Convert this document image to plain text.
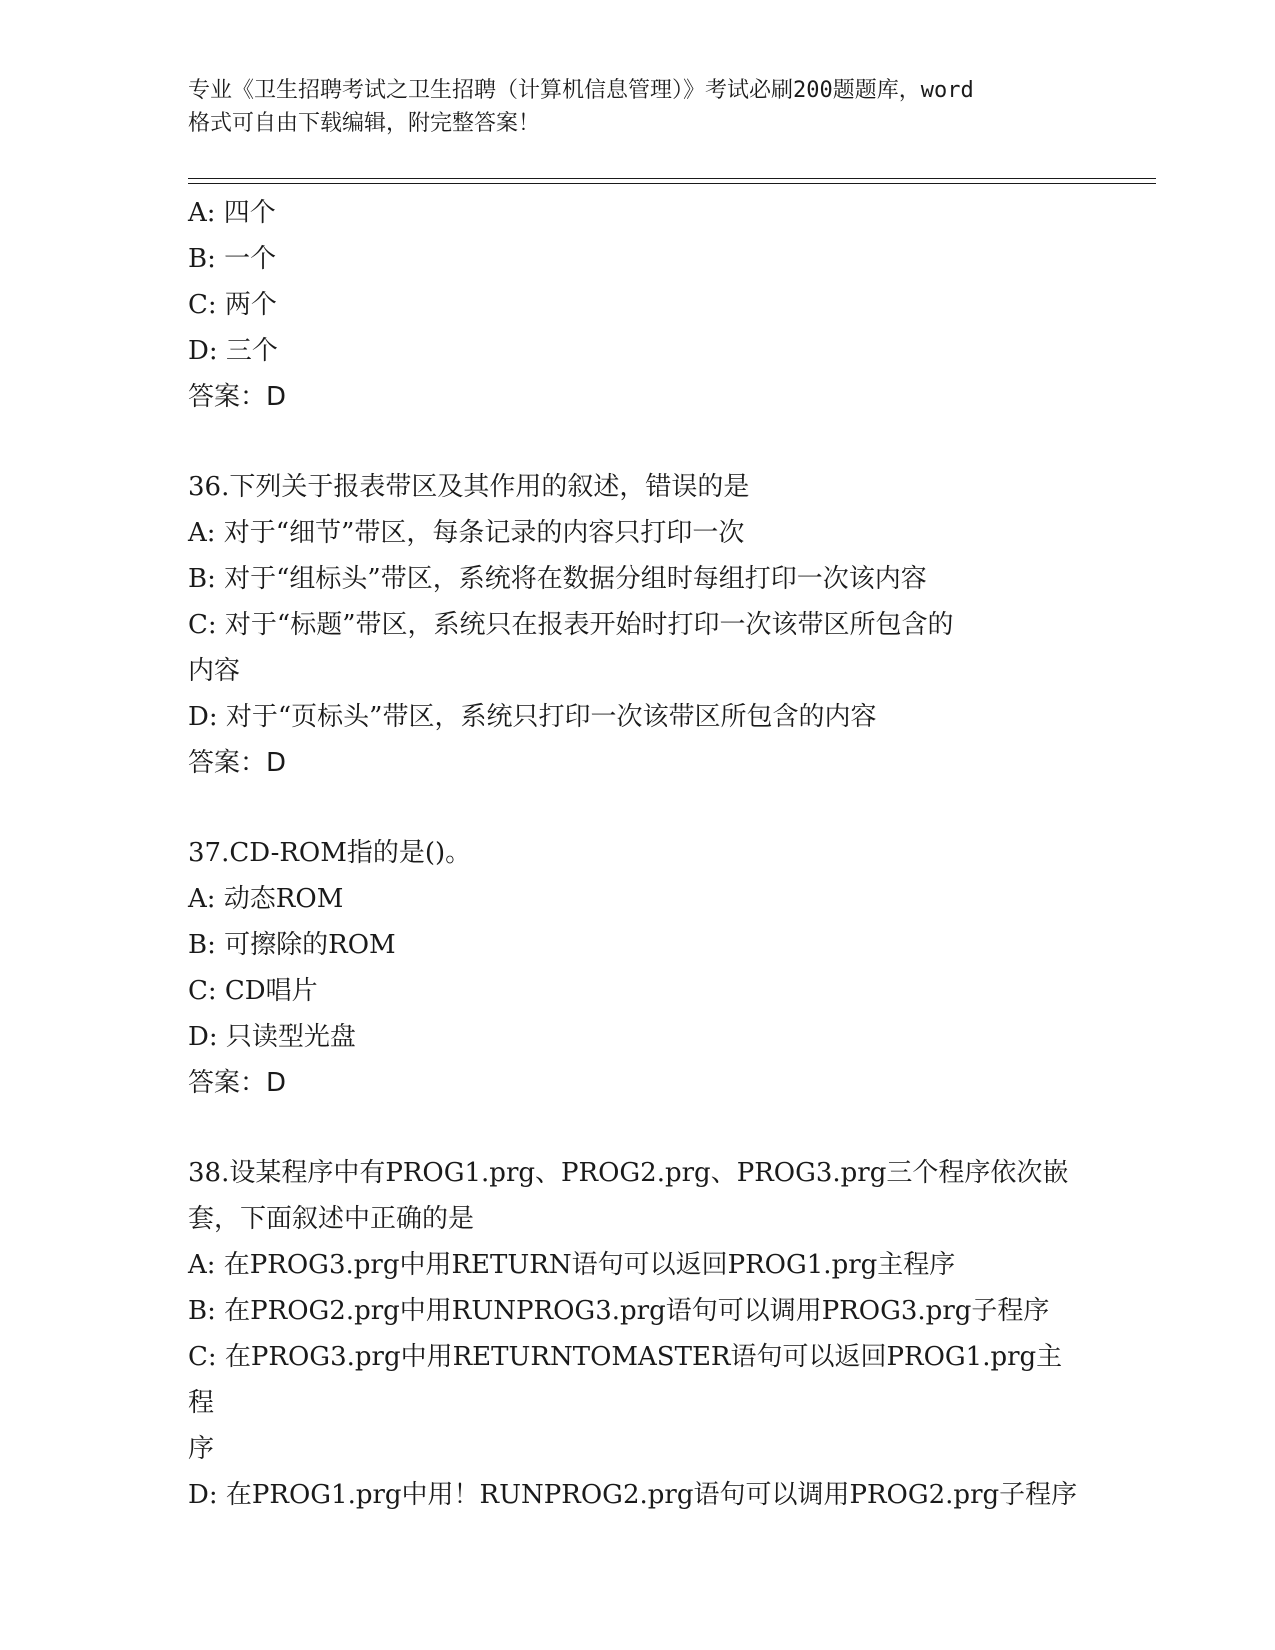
专业《卫生招聘考试之卫生招聘（计算机信息管理）》考试必刷200题题库，word
格式可自由下载编辑，附完整答案！
A: 四个
B: 一个
C: 两个
D: 三个
答案：D
36.下列关于报表带区及其作用的叙述，错误的是
A: 对于“细节”带区，每条记录的内容只打印一次
B: 对于“组标头”带区，系统将在数据分组时每组打印一次该内容
C: 对于“标题”带区，系统只在报表开始时打印一次该带区所包含的
内容
D: 对于“页标头”带区，系统只打印一次该带区所包含的内容
答案：D
37.CD-ROM指的是()。
A: 动态ROM
B: 可擦除的ROM
C: CD唱片
D: 只读型光盘
答案：D
38.设某程序中有PROG1.prg、PROG2.prg、PROG3.prg三个程序依次嵌
套，下面叙述中正确的是
A: 在PROG3.prg中用RETURN语句可以返回PROG1.prg主程序
B: 在PROG2.prg中用RUNPROG3.prg语句可以调用PROG3.prg子程序
C: 在PROG3.prg中用RETURNTOMASTER语句可以返回PROG1.prg主程
序
D: 在PROG1.prg中用！RUNPROG2.prg语句可以调用PROG2.prg子程序
